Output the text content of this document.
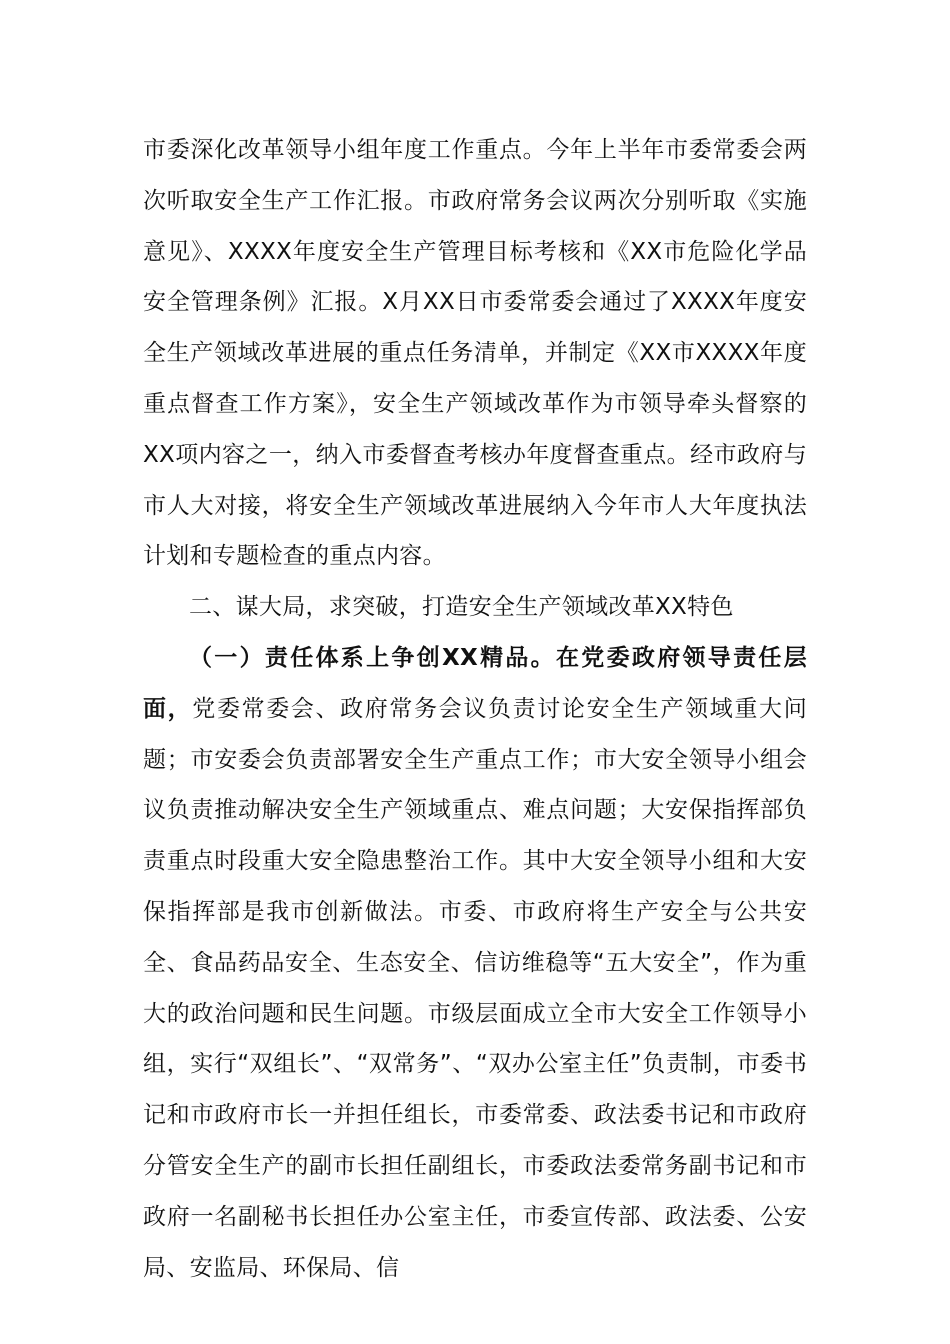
市委深化改革领导小组年度工作重点。今年上半年市委常委会两次听取安全生产工作汇报。市政府常务会议两次分别听取《实施意见》、XXXX年度安全生产管理目标考核和《XX市危险化学品安全管理条例》汇报。X月XX日市委常委会通过了XXXX年度安全生产领域改革进展的重点任务清单，并制定《XX市XXXX年度重点督查工作方案》，安全生产领域改革作为市领导牵头督察的XX项内容之一，纳入市委督查考核办年度督查重点。经市政府与市人大对接，将安全生产领域改革进展纳入今年市人大年度执法计划和专题检查的重点内容。

二、谋大局，求突破，打造安全生产领域改革XX特色

（一）责任体系上争创XX精品。在党委政府领导责任层面，党委常委会、政府常务会议负责讨论安全生产领域重大问题；市安委会负责部署安全生产重点工作；市大安全领导小组会议负责推动解决安全生产领域重点、难点问题；大安保指挥部负责重点时段重大安全隐患整治工作。其中大安全领导小组和大安保指挥部是我市创新做法。市委、市政府将生产安全与公共安全、食品药品安全、生态安全、信访维稳等“五大安全”，作为重大的政治问题和民生问题。市级层面成立全市大安全工作领导小组，实行“双组长”、“双常务”、“双办公室主任”负责制，市委书记和市政府市长一并担任组长，市委常委、政法委书记和市政府分管安全生产的副市长担任副组长，市委政法委常务副书记和市政府一名副秘书长担任办公室主任，市委宣传部、政法委、公安局、安监局、环保局、信
